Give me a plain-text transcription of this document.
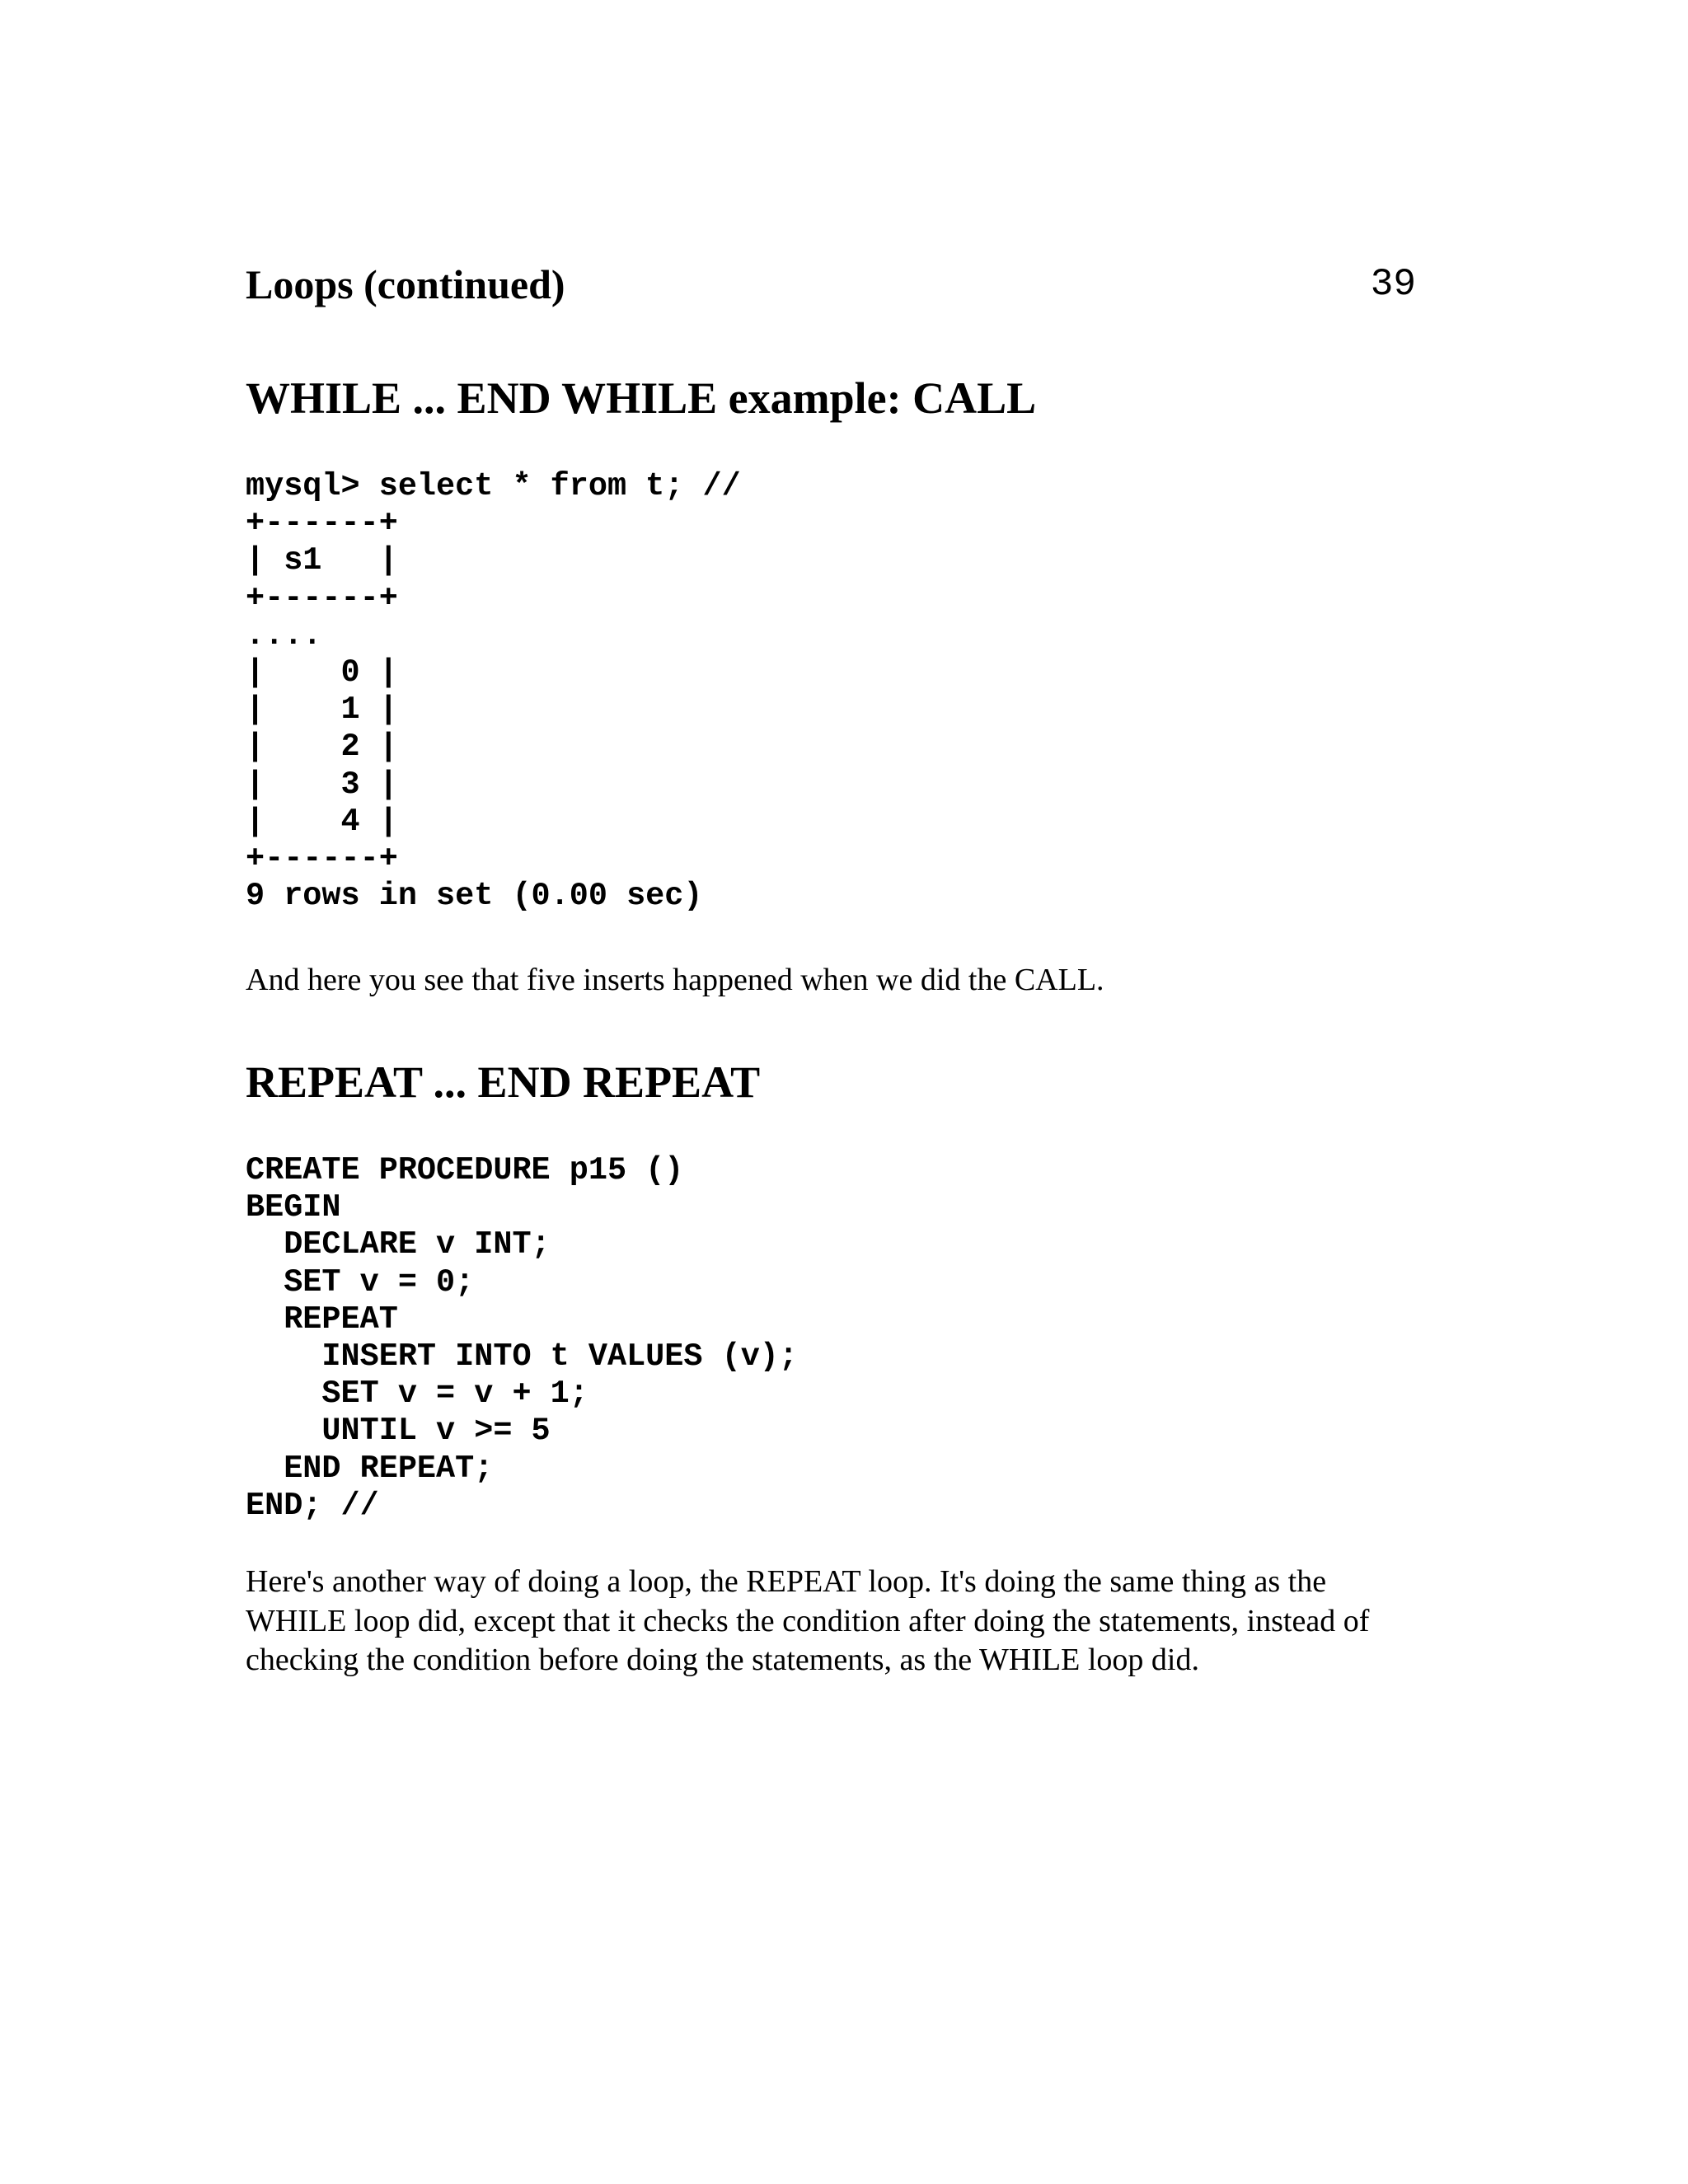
Loops (continued)	39
WHILE ... END WHILE example: CALL
mysql> select * from t; //
+------+
| s1   |
+------+
....
|    0 |
|    1 |
|    2 |
|    3 |
|    4 |
+------+
9 rows in set (0.00 sec)

And here you see that five inserts happened when we did the CALL.

REPEAT ... END REPEAT
CREATE PROCEDURE p15 ()
BEGIN
DECLARE v INT;
SET v = 0;
REPEAT
INSERT INTO t VALUES (v);
SET v = v + 1;
UNTIL v >= 5
END REPEAT;
END; //

Here's another way of doing a loop, the REPEAT loop. It's doing the same thing as the WHILE loop did, except that it checks the condition after doing the statements, instead of checking the condition before doing the statements, as the WHILE loop did.
